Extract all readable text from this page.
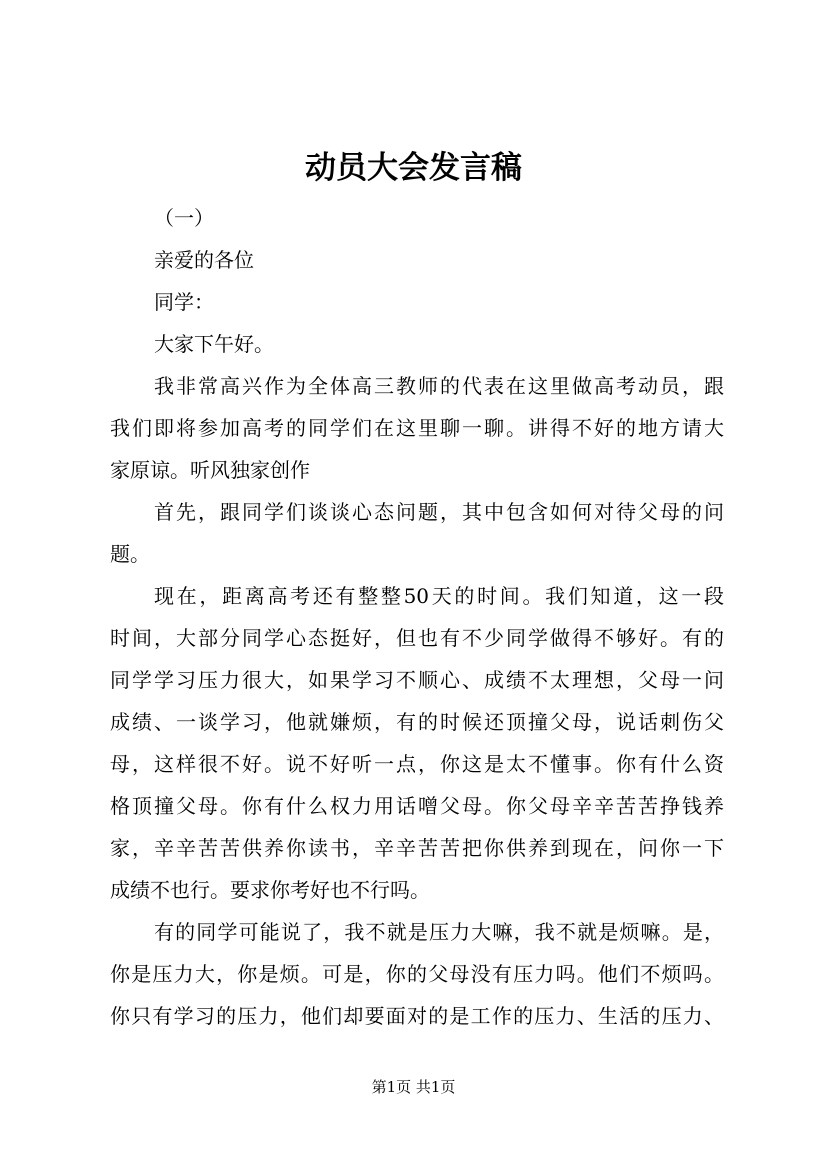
动员大会发言稿

（一）

亲爱的各位

同学：

大家下午好。

我非常高兴作为全体高三教师的代表在这里做高考动员，跟
我们即将参加高考的同学们在这里聊一聊。讲得不好的地方请大

家原谅。听风独家创作

首先，跟同学们谈谈心态问题，其中包含如何对待父母的问

题。

现在，距离高考还有整整50天的时间。我们知道，这一段
时间，大部分同学心态挺好，但也有不少同学做得不够好。有的
同学学习压力很大，如果学习不顺心、成绩不太理想，父母一问
成绩、一谈学习，他就嫌烦，有的时候还顶撞父母，说话刺伤父
母，这样很不好。说不好听一点，你这是太不懂事。你有什么资
格顶撞父母。你有什么权力用话噌父母。你父母辛辛苦苦挣钱养
家，辛辛苦苦供养你读书，辛辛苦苦把你供养到现在，问你一下

成绩不也行。要求你考好也不行吗。

有的同学可能说了，我不就是压力大嘛，我不就是烦嘛。是，
你是压力大，你是烦。可是，你的父母没有压力吗。他们不烦吗。
你只有学习的压力，他们却要面对的是工作的压力、生活的压力、
第1页 共1页
